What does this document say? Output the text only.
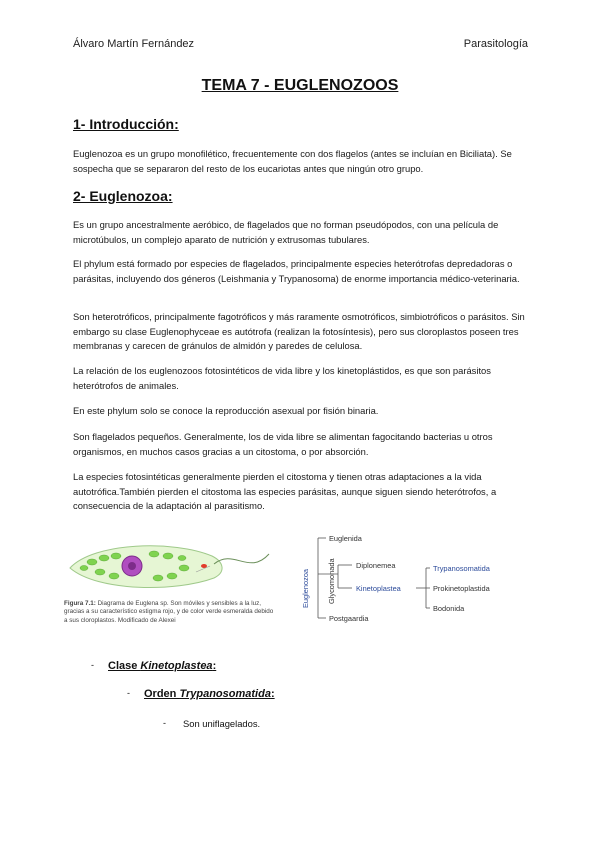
Álvaro Martín Fernández	Parasitología
TEMA 7 - EUGLENOZOOS
1- Introducción:

Euglenozoa es un grupo monofilético, frecuentemente con dos flagelos (antes se incluían en Biciliata). Se sospecha que se separaron del resto de los eucariotas antes que ningún otro grupo.

2- Euglenozoa:

Es un grupo ancestralmente aeróbico, de flagelados que no forman pseudópodos, con una película de microtúbulos, un complejo aparato de nutrición y extrusomas tubulares.

El phylum está formado por especies de flagelados, principalmente especies heterótrofas depredadoras o parásitas, incluyendo dos géneros (Leishmania y Trypanosoma) de enorme importancia médico-veterinaria.

Son heterotróficos, principalmente fagotróficos y más raramente osmotróficos, simbiotróficos o parásitos. Sin embargo su clase Euglenophyceae es autótrofa (realizan la fotosíntesis), pero sus cloroplastos poseen tres membranas y carecen de gránulos de almidón y paredes de celulosa.

La relación de los euglenozoos fotosintéticos de vida libre y los kinetoplástidos, es que son parásitos heterótrofos de animales.

En este phylum solo se conoce la reproducción asexual por fisión binaria.

Son flagelados pequeños. Generalmente, los de vida libre se alimentan fagocitando bacterias u otros organismos, en muchos casos gracias a un citostoma, o por absorción.

La especies fotosintéticas generalmente pierden el citostoma y tienen otras adaptaciones a la vida autotrófica.También pierden el citostoma las especies parásitas, aunque siguen siendo heterótrofos, a consecuencia de la adaptación al parasitismo.

Figura 7.1: Diagrama de Euglena sp. Son móviles y sensibles a la luz, gracias a su característico estigma rojo, y de color verde esmeralda debido a sus cloroplastos. Modificado de Alexei
Euglenozoa Glycomonada
Euglenida
Diplonemea
Kinetoplastea
Postgaardia
Trypanosomatida
Prokinetoplastida
Bodonida
- Clase Kinetoplastea:
- Orden Trypanosomatida:
- Son uniflagelados.
